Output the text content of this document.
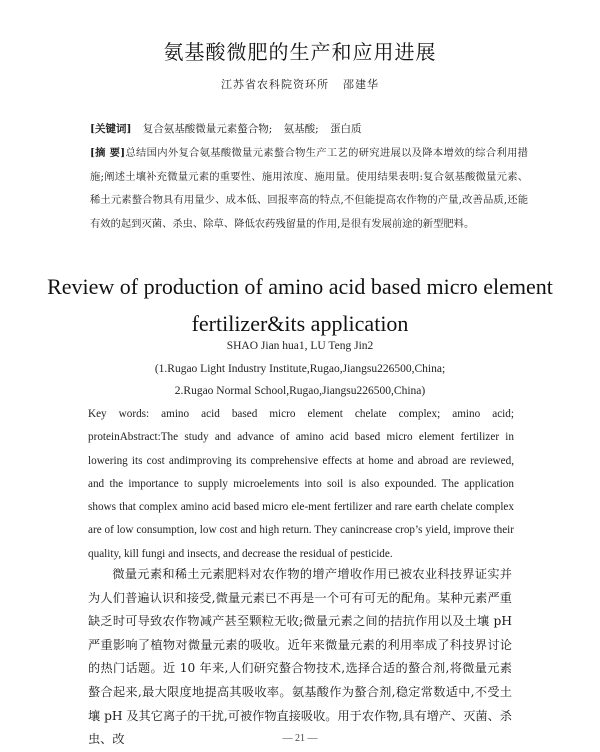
氨基酸微肥的生产和应用进展
江苏省农科院资环所 邵建华
[关键词] 复合氨基酸微量元素螯合物; 氨基酸; 蛋白质
[摘 要]总结国内外复合氨基酸微量元素螯合物生产工艺的研究进展以及降本增效的综合利用措施;阐述土壤补充微量元素的重要性、施用浓度、施用量。使用结果表明:复合氨基酸微量元素、稀土元素螯合物具有用量少、成本低、回报率高的特点,不但能提高农作物的产量,改善品质,还能有效的起到灭菌、杀虫、除草、降低农药残留量的作用,是很有发展前途的新型肥料。
Review of production of amino acid based micro element
fertilizer&its application
SHAO Jian hua1, LU Teng Jin2
(1.Rugao Light Industry Institute,Rugao,Jiangsu226500,China;
2.Rugao Normal School,Rugao,Jiangsu226500,China)
Key words: amino acid based micro element chelate complex; amino acid; proteinAbstract:The study and advance of amino acid based micro element fertilizer in lowering its cost andimproving its comprehensive effects at home and abroad are reviewed, and the importance to supply microelements into soil is also expounded. The application shows that complex amino acid based micro ele-ment fertilizer and rare earth chelate complex are of low consumption, low cost and high return. They canincrease crop’s yield, improve their quality, kill fungi and insects, and decrease the residual of pesticide.
微量元素和稀土元素肥料对农作物的增产增收作用已被农业科技界证实并为人们普遍认识和接受,微量元素已不再是一个可有可无的配角。某种元素严重缺乏时可导致农作物减产甚至颗粒无收;微量元素之间的拮抗作用以及土壤 pH 严重影响了植物对微量元素的吸收。近年来微量元素的利用率成了科技界讨论的热门话题。近 10 年来,人们研究螯合物技术,选择合适的螯合剂,将微量元素螯合起来,最大限度地提高其吸收率。氨基酸作为螯合剂,稳定常数适中,不受土壤 pH 及其它离子的干扰,可被作物直接吸收。用于农作物,具有增产、灭菌、杀虫、改	— 21 —
